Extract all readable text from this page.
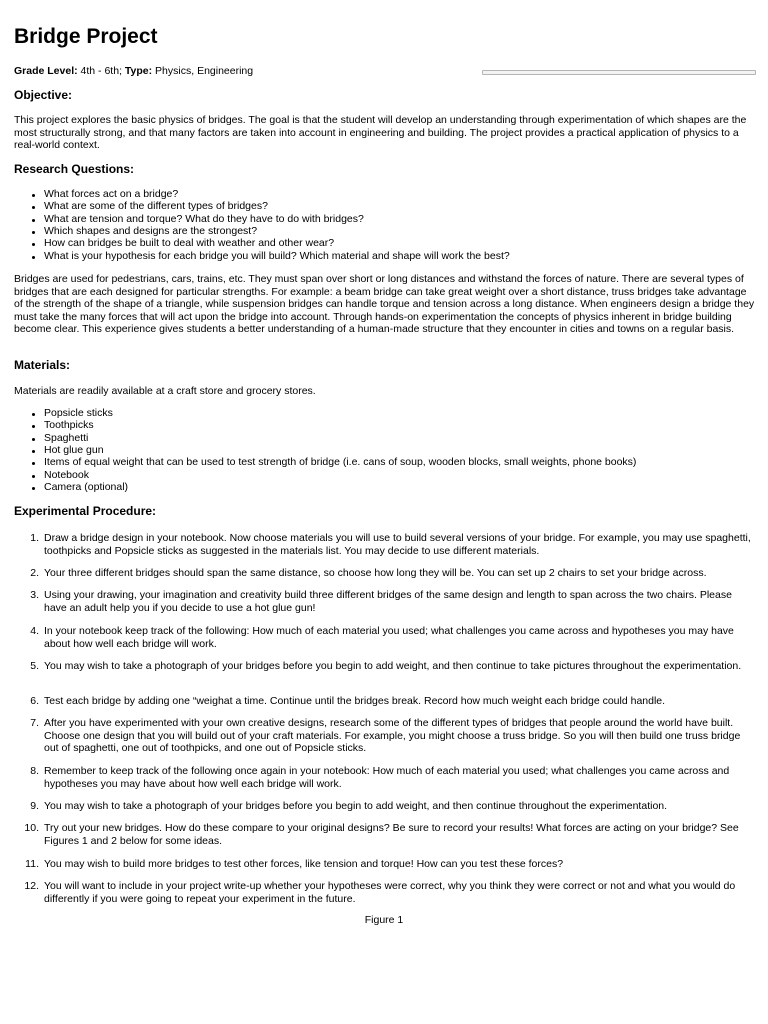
Bridge Project
Grade Level: 4th - 6th; Type: Physics, Engineering
Objective:

This project explores the basic physics of bridges. The goal is that the student will develop an understanding through experimentation of which shapes are the most structurally strong, and that many factors are taken into account in engineering and building. The project provides a practical application of physics to a real-world context.

Research Questions:
What forces act on a bridge?
What are some of the different types of bridges?
What are tension and torque? What do they have to do with bridges?
Which shapes and designs are the strongest?
How can bridges be built to deal with weather and other wear?
What is your hypothesis for each bridge you will build? Which material and shape will work the best?

Bridges are used for pedestrians, cars, trains, etc. They must span over short or long distances and withstand the forces of nature. There are several types of bridges that are each designed for particular strengths. For example: a beam bridge can take great weight over a short distance, truss bridges take advantage of the strength of the shape of a triangle, while suspension bridges can handle torque and tension across a long distance. When engineers design a bridge they must take the many forces that will act upon the bridge into account. Through hands-on experimentation the concepts of physics inherent in bridge building become clear. This experience gives students a better understanding of a human-made structure that they encounter in cities and towns on a regular basis.

Materials:

Materials are readily available at a craft store and grocery stores.

Popsicle sticks
Toothpicks
Spaghetti
Hot glue gun
Items of equal weight that can be used to test strength of bridge (i.e. cans of soup, wooden blocks, small weights, phone books)
Notebook
Camera (optional)
Experimental Procedure:
1. Draw a bridge design in your notebook. Now choose materials you will use to build several versions of your bridge. For example, you may use spaghetti, toothpicks and Popsicle sticks as suggested in the materials list. You may decide to use different materials.
2. Your three different bridges should span the same distance, so choose how long they will be. You can set up 2 chairs to set your bridge across.
3. Using your drawing, your imagination and creativity build three different bridges of the same design and length to span across the two chairs. Please have an adult help you if you decide to use a hot glue gun!
4. In your notebook keep track of the following: How much of each material you used; what challenges you came across and hypotheses you may have about how well each bridge will work.
5. You may wish to take a photograph of your bridges before you begin to add weight, and then continue to take pictures throughout the experimentation.
6. Test each bridge by adding one “weighat a time. Continue until the bridges break. Record how much weight each bridge could handle.
7. After you have experimented with your own creative designs, research some of the different types of bridges that people around the world have built. Choose one design that you will build out of your craft materials. For example, you might choose a truss bridge. So you will then build one truss bridge out of spaghetti, one out of toothpicks, and one out of Popsicle sticks.
8. Remember to keep track of the following once again in your notebook: How much of each material you used; what challenges you came across and hypotheses you may have about how well each bridge will work.
9. You may wish to take a photograph of your bridges before you begin to add weight, and then continue throughout the experimentation.
10. Try out your new bridges. How do these compare to your original designs? Be sure to record your results! What forces are acting on your bridge? See Figures 1 and 2 below for some ideas.
11. You may wish to build more bridges to test other forces, like tension and torque! How can you test these forces?
12. You will want to include in your project write-up whether your hypotheses were correct, why you think they were correct or not and what you would do differently if you were going to repeat your experiment in the future.
Figure 1
